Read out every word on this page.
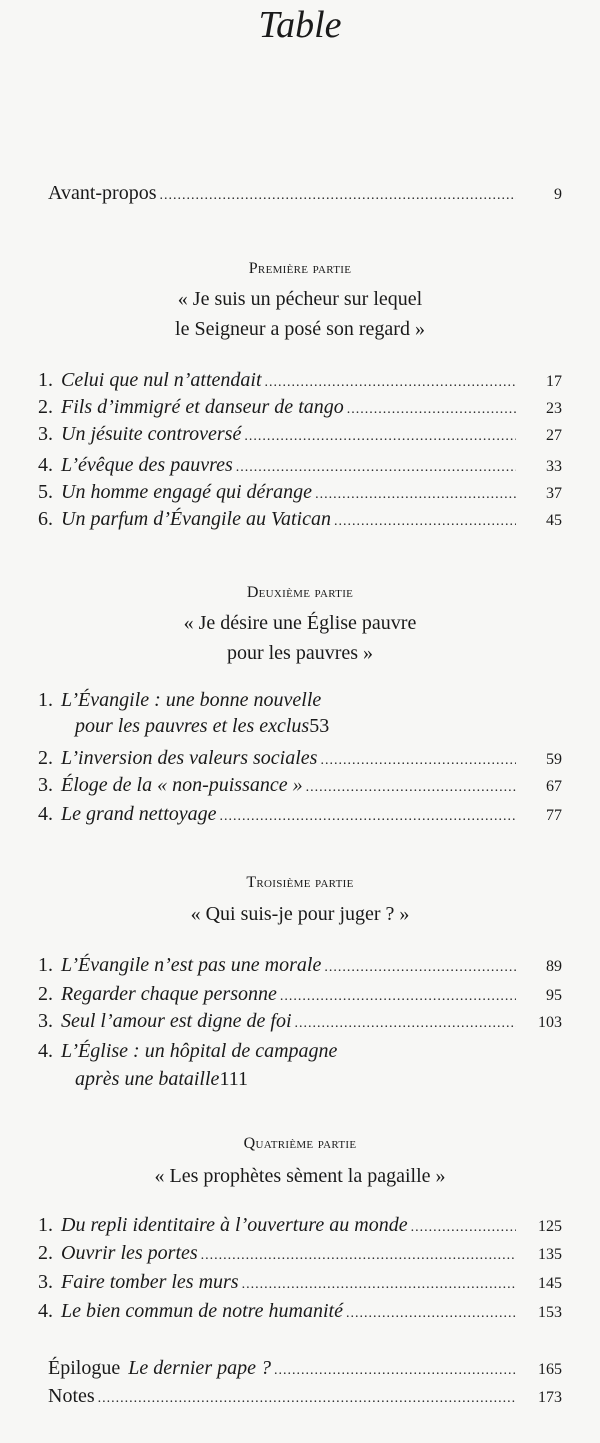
Table
Avant-propos .....	9
Première partie
« Je suis un pécheur sur lequel
le Seigneur a posé son regard »
1. Celui que nul n’attendait .....	17
2. Fils d’immigré et danseur de tango .....	23
3. Un jésuite controversé .....	27
4. L’évêque des pauvres .....	33
5. Un homme engagé qui dérange .....	37
6. Un parfum d’Évangile au Vatican .....	45
Deuxième partie
« Je désire une Église pauvre
pour les pauvres »
1. L’Évangile : une bonne nouvelle
pour les pauvres et les exclus 53
2. L’inversion des valeurs sociales .....	59
3. Éloge de la « non-puissance » .....	67
4. Le grand nettoyage .....	77
Troisième partie
« Qui suis-je pour juger ? »
1. L’Évangile n’est pas une morale .....	89
2. Regarder chaque personne .....	95
3. Seul l’amour est digne de foi .....	103
4. L’Église : un hôpital de campagne
après une bataille 111
Quatrième partie
« Les prophètes sèment la pagaille »
1. Du repli identitaire à l’ouverture au monde .....	125
2. Ouvrir les portes .....	135
3. Faire tomber les murs .....	145
4. Le bien commun de notre humanité .....	153
Épilogue Le dernier pape ? .....	165
Notes .....	173
